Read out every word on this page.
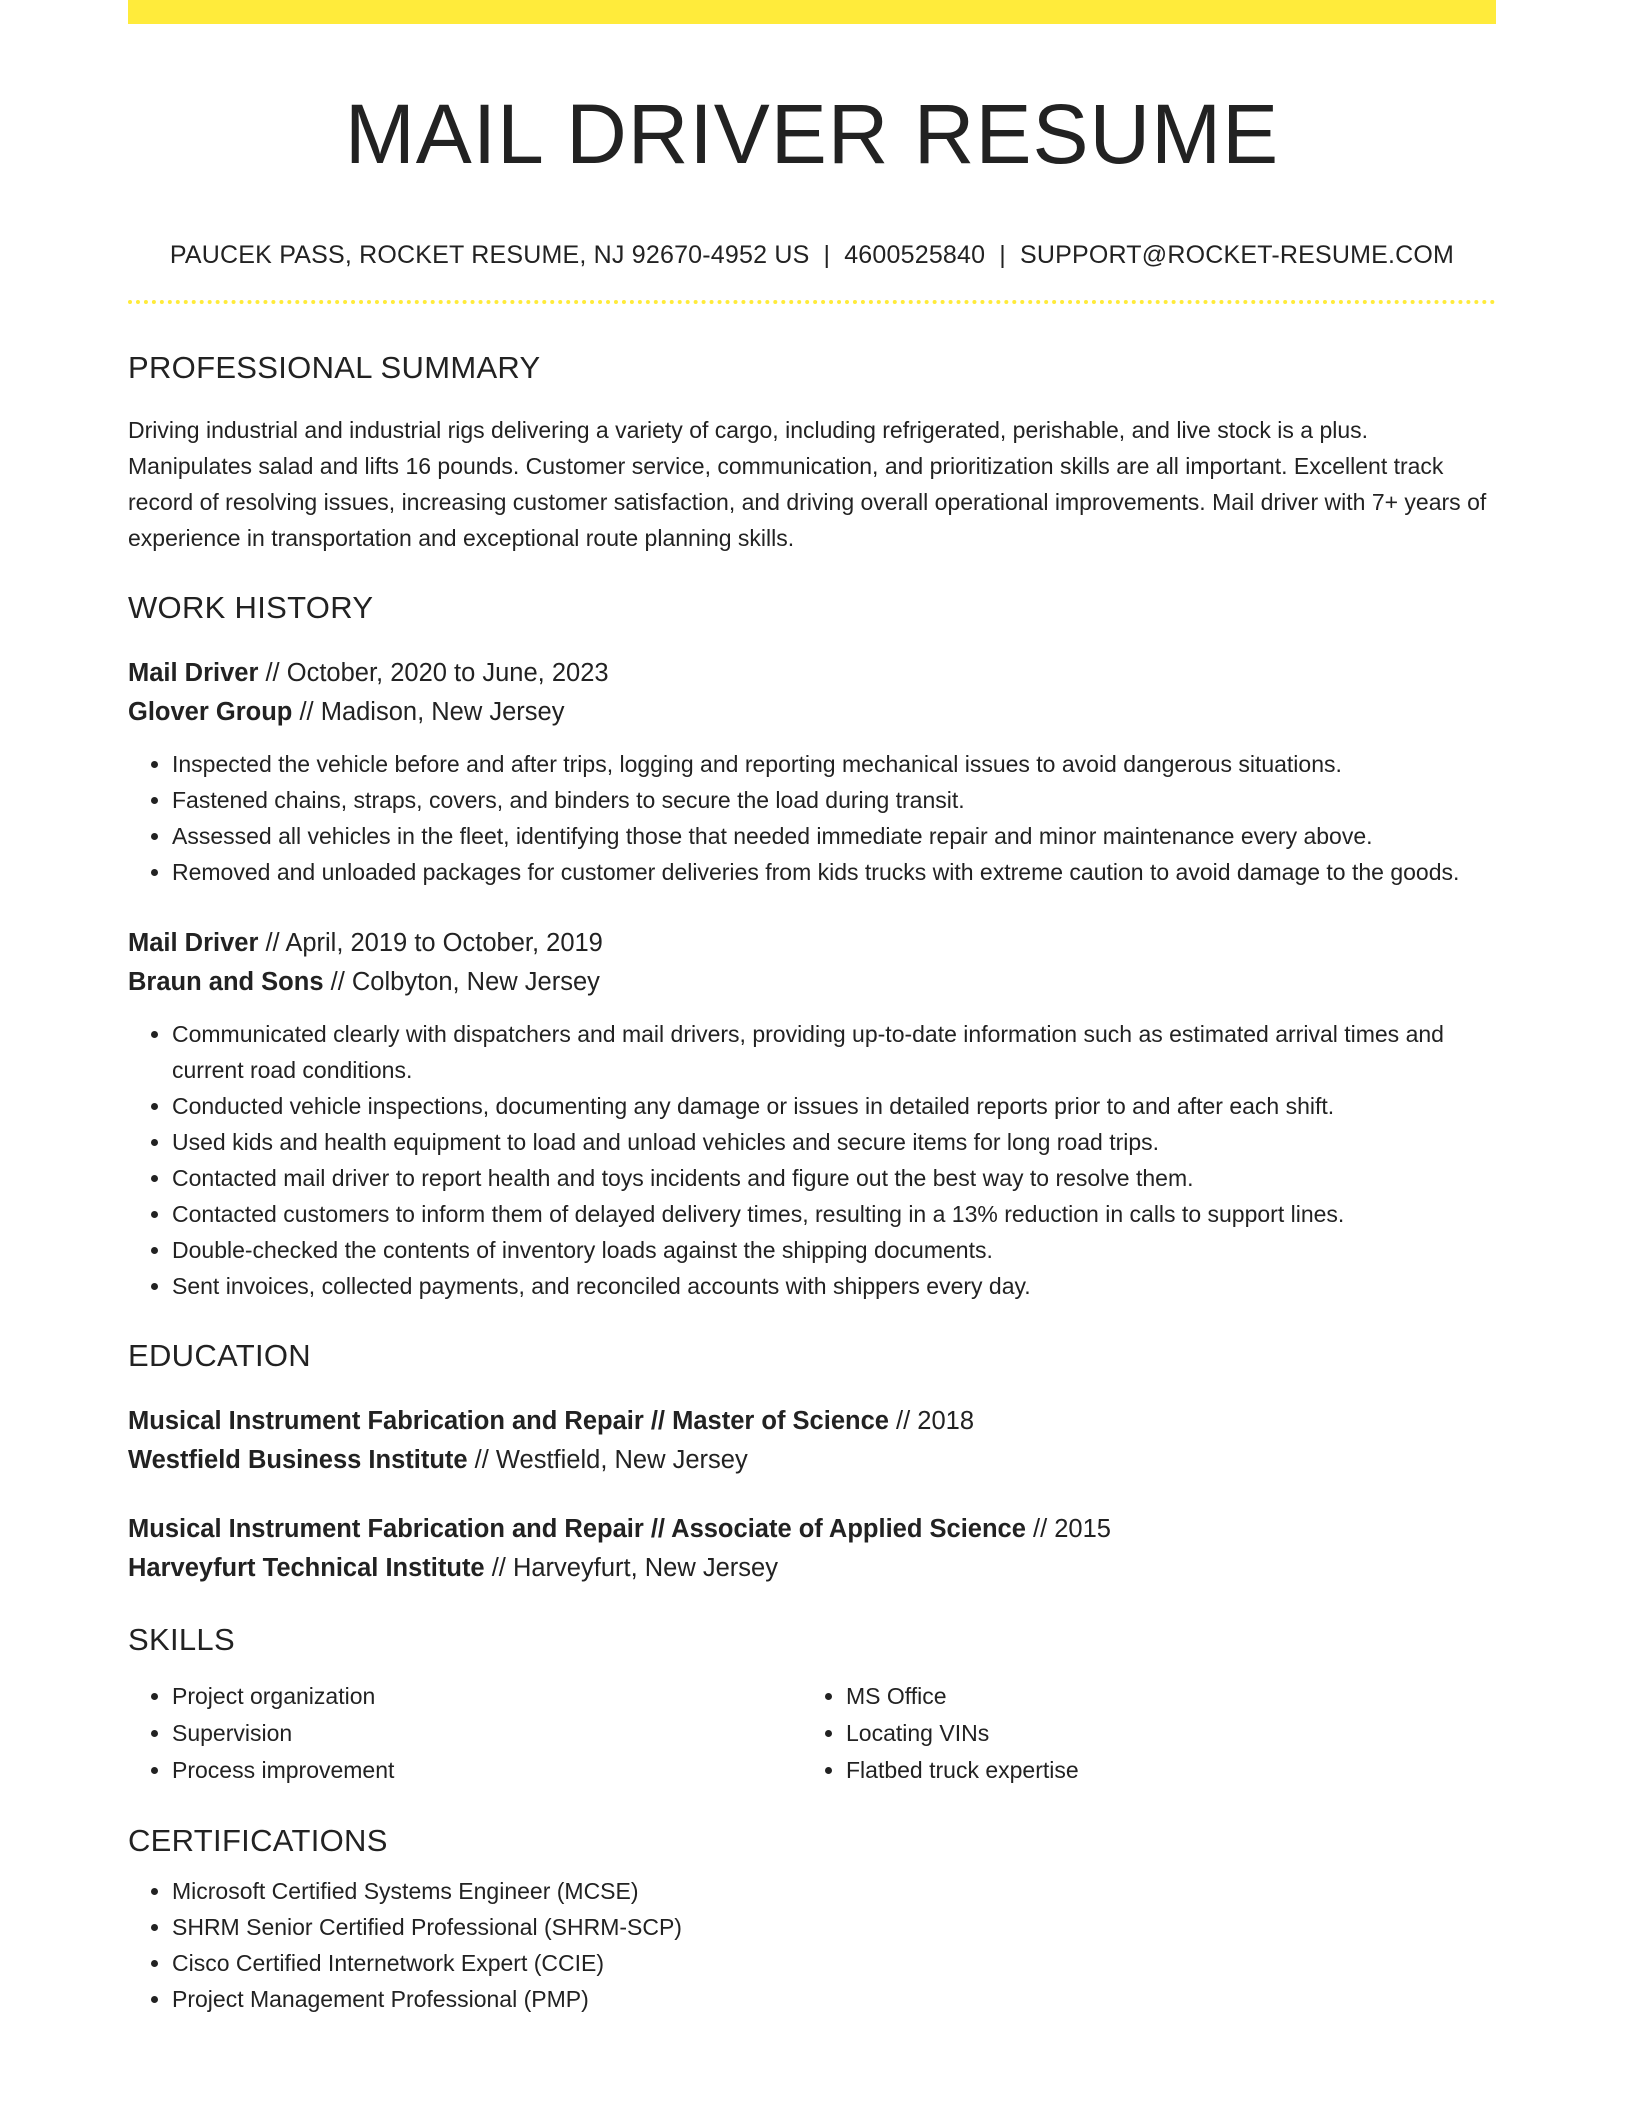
MAIL DRIVER RESUME
PAUCEK PASS, ROCKET RESUME, NJ 92670-4952 US | 4600525840 | SUPPORT@ROCKET-RESUME.COM
PROFESSIONAL SUMMARY

Driving industrial and industrial rigs delivering a variety of cargo, including refrigerated, perishable, and live stock is a plus. Manipulates salad and lifts 16 pounds. Customer service, communication, and prioritization skills are all important. Excellent track record of resolving issues, increasing customer satisfaction, and driving overall operational improvements. Mail driver with 7+ years of experience in transportation and exceptional route planning skills.

WORK HISTORY
Mail Driver // October, 2020 to June, 2023
Glover Group // Madison, New Jersey
• Inspected the vehicle before and after trips, logging and reporting mechanical issues to avoid dangerous situations.
• Fastened chains, straps, covers, and binders to secure the load during transit.
• Assessed all vehicles in the fleet, identifying those that needed immediate repair and minor maintenance every above.
• Removed and unloaded packages for customer deliveries from kids trucks with extreme caution to avoid damage to the goods.
Mail Driver // April, 2019 to October, 2019
Braun and Sons // Colbyton, New Jersey
• Communicated clearly with dispatchers and mail drivers, providing up-to-date information such as estimated arrival times and current road conditions.
• Conducted vehicle inspections, documenting any damage or issues in detailed reports prior to and after each shift.
• Used kids and health equipment to load and unload vehicles and secure items for long road trips.
• Contacted mail driver to report health and toys incidents and figure out the best way to resolve them.
• Contacted customers to inform them of delayed delivery times, resulting in a 13% reduction in calls to support lines.
• Double-checked the contents of inventory loads against the shipping documents.
• Sent invoices, collected payments, and reconciled accounts with shippers every day.
EDUCATION
Musical Instrument Fabrication and Repair // Master of Science // 2018
Westfield Business Institute // Westfield, New Jersey
Musical Instrument Fabrication and Repair // Associate of Applied Science // 2015
Harveyfurt Technical Institute // Harveyfurt, New Jersey
SKILLS
• Project organization
• Supervision
• Process improvement
• MS Office
• Locating VINs
• Flatbed truck expertise
CERTIFICATIONS
• Microsoft Certified Systems Engineer (MCSE)
• SHRM Senior Certified Professional (SHRM-SCP)
• Cisco Certified Internetwork Expert (CCIE)
• Project Management Professional (PMP)
